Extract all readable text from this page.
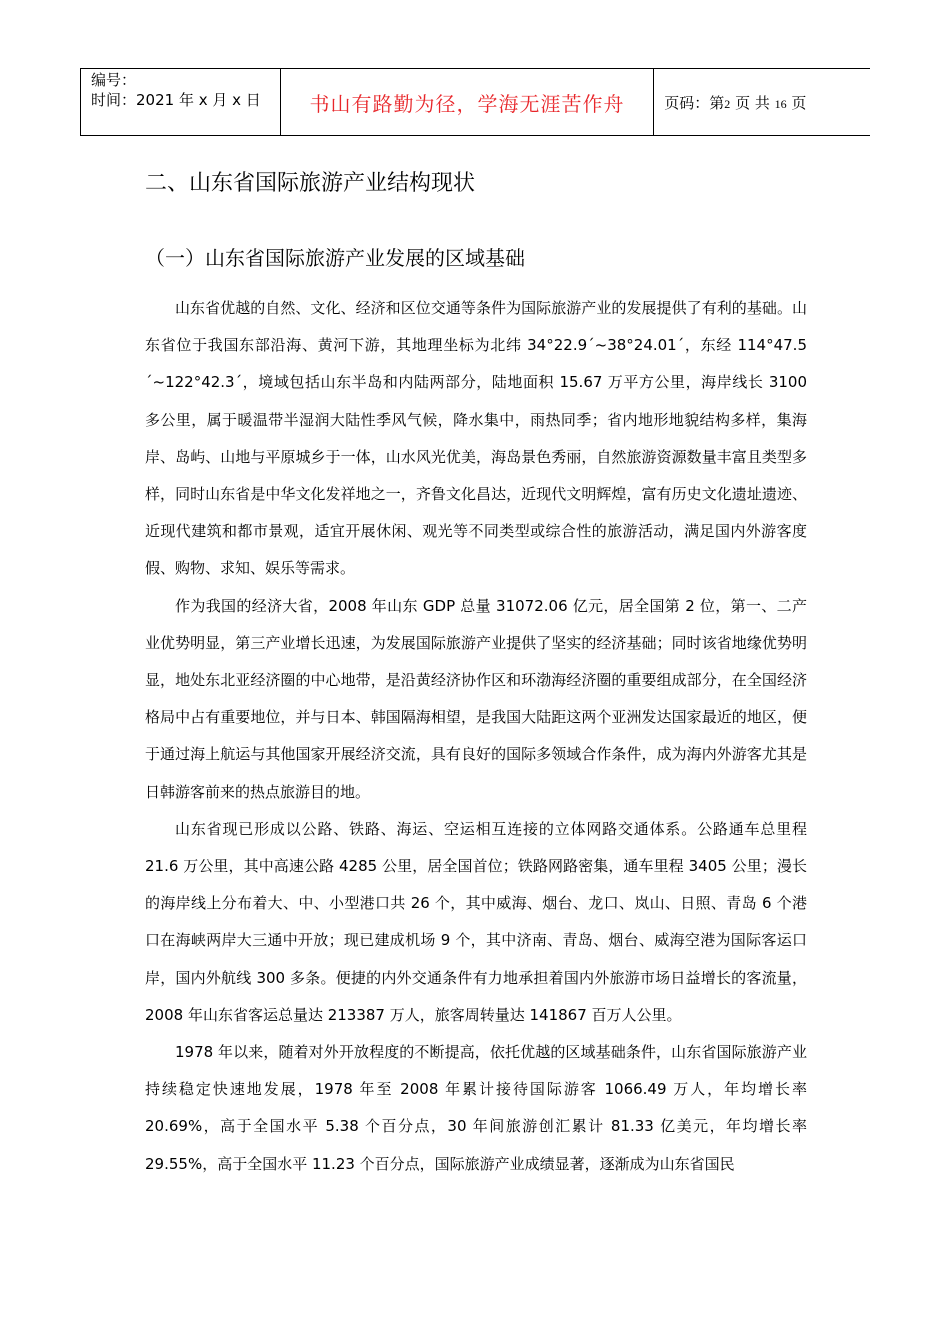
编号：
时间：2021 年 x 月 x 日 书山有路勤为径，学海无涯苦作舟	页码：第2 页 共 16 页
二、山东省国际旅游产业结构现状
（一）山东省国际旅游产业发展的区域基础

山东省优越的自然、文化、经济和区位交通等条件为国际旅游产业的发展提供了有利的基础。山东省位于我国东部沿海、黄河下游，其地理坐标为北纬 34°22.9´~38°24.01´，东经 114°47.5´~122°42.3´，境域包括山东半岛和内陆两部分，陆地面积 15.67 万平方公里，海岸线长 3100 多公里，属于暖温带半湿润大陆性季风气候，降水集中，雨热同季；省内地形地貌结构多样，集海岸、岛屿、山地与平原城乡于一体，山水风光优美，海岛景色秀丽，自然旅游资源数量丰富且类型多样，同时山东省是中华文化发祥地之一，齐鲁文化昌达，近现代文明辉煌，富有历史文化遗址遗迹、近现代建筑和都市景观，适宜开展休闲、观光等不同类型或综合性的旅游活动，满足国内外游客度假、购物、求知、娱乐等需求。

作为我国的经济大省，2008 年山东 GDP 总量 31072.06 亿元，居全国第 2 位，第一、二产业优势明显，第三产业增长迅速，为发展国际旅游产业提供了坚实的经济基础；同时该省地缘优势明显，地处东北亚经济圈的中心地带，是沿黄经济协作区和环渤海经济圈的重要组成部分，在全国经济格局中占有重要地位，并与日本、韩国隔海相望，是我国大陆距这两个亚洲发达国家最近的地区，便于通过海上航运与其他国家开展经济交流，具有良好的国际多领域合作条件，成为海内外游客尤其是日韩游客前来的热点旅游目的地。

山东省现已形成以公路、铁路、海运、空运相互连接的立体网路交通体系。公路通车总里程 21.6 万公里，其中高速公路 4285 公里，居全国首位；铁路网路密集，通车里程 3405 公里；漫长的海岸线上分布着大、中、小型港口共 26 个，其中威海、烟台、龙口、岚山、日照、青岛 6 个港口在海峡两岸大三通中开放；现已建成机场 9 个，其中济南、青岛、烟台、威海空港为国际客运口岸，国内外航线 300 多条。便捷的内外交通条件有力地承担着国内外旅游市场日益增长的客流量，2008 年山东省客运总量达 213387 万人，旅客周转量达 141867 百万人公里。

1978 年以来，随着对外开放程度的不断提高，依托优越的区域基础条件，山东省国际旅游产业持续稳定快速地发展，1978 年至 2008 年累计接待国际游客 1066.49 万人，年均增长率 20.69%，高于全国水平 5.38 个百分点，30 年间旅游创汇累计 81.33 亿美元，年均增长率 29.55%，高于全国水平 11.23 个百分点，国际旅游产业成绩显著，逐渐成为山东省国民
